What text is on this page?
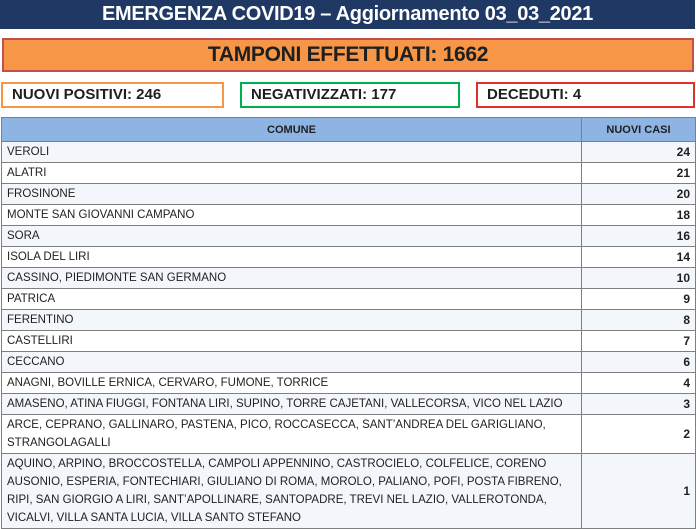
EMERGENZA COVID19 – Aggiornamento 03_03_2021
TAMPONI EFFETTUATI: 1662
NUOVI POSITIVI: 246	NEGATIVIZZATI: 177	DECEDUTI: 4
COMUNE	NUOVI CASI
VEROLI	24
ALATRI	21
FROSINONE	20
MONTE SAN GIOVANNI CAMPANO	18
SORA	16
ISOLA DEL LIRI	14
CASSINO, PIEDIMONTE SAN GERMANO	10
PATRICA	9
FERENTINO	8
CASTELLIRI	7
CECCANO	6
ANAGNI, BOVILLE ERNICA, CERVARO, FUMONE, TORRICE	4
AMASENO, ATINA FIUGGI, FONTANA LIRI, SUPINO, TORRE CAJETANI, VALLECORSA, VICO NEL LAZIO	3
ARCE, CEPRANO, GALLINARO, PASTENA, PICO, ROCCASECCA, SANT’ANDREA DEL GARIGLIANO, STRANGOLAGALLI	2
AQUINO, ARPINO, BROCCOSTELLA, CAMPOLI APPENNINO, CASTROCIELO, COLFELICE, CORENO AUSONIO, ESPERIA, FONTECHIARI, GIULIANO DI ROMA, MOROLO, PALIANO, POFI, POSTA FIBRENO, RIPI, SAN GIORGIO A LIRI, SANT’APOLLINARE, SANTOPADRE, TREVI NEL LAZIO, VALLEROTONDA, VICALVI, VILLA SANTA LUCIA, VILLA SANTO STEFANO	1
